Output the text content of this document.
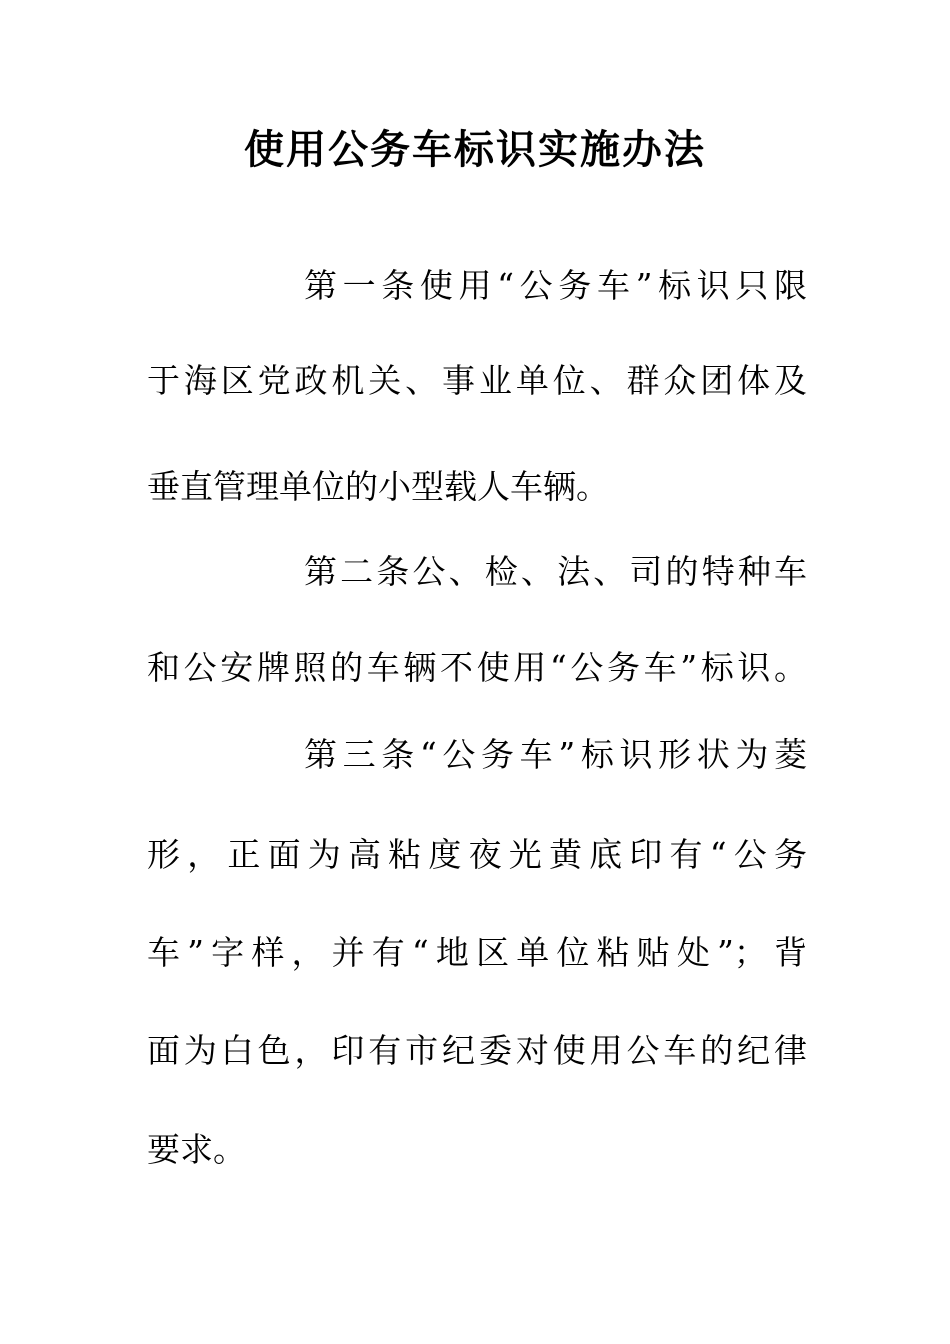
使用公务车标识实施办法
第一条使用“公务车”标识只限
于海区党政机关、事业单位、群众团体及
垂直管理单位的小型载人车辆。
第二条公、检、法、司的特种车
和公安牌照的车辆不使用“公务车”标识。
第三条“公务车”标识形状为菱
形，正面为高粘度夜光黄底印有“公务
车”字样，并有“地区单位粘贴处”；背
面为白色，印有市纪委对使用公车的纪律
要求。
